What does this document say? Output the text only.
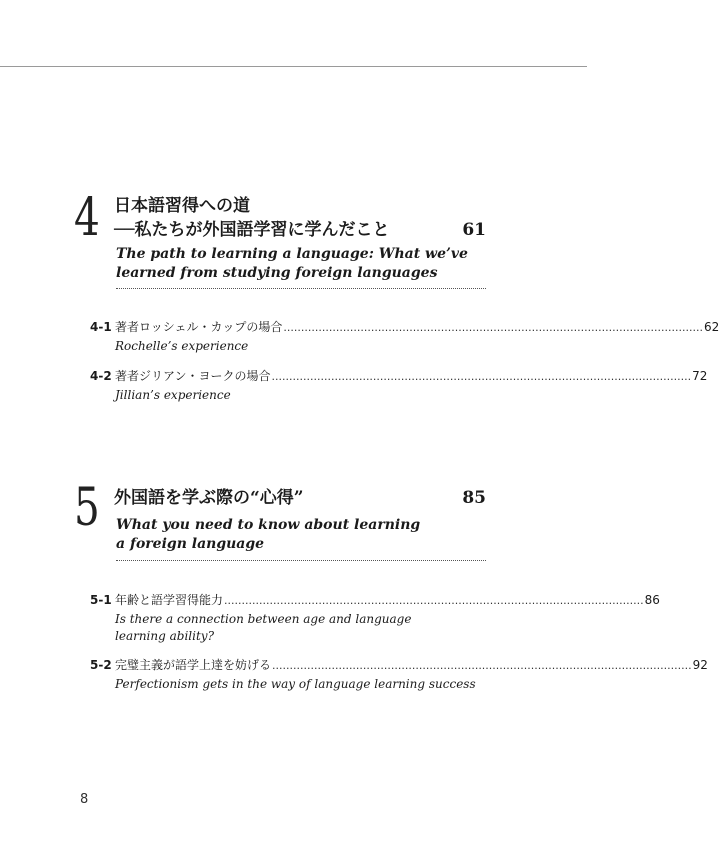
4 日本語習得への道
──私たちが外国語学習に学んだこと	61
The path to learning a language: What we’ve
learned from studying foreign languages
4-1 著者ロッシェル・カップの場合 ........................................................................................................................ 62
Rochelle’s experience
4-2 著者ジリアン・ヨークの場合 ........................................................................................................................ 72
Jillian’s experience
5 外国語を学ぶ際の“心得”	85
What you need to know about learning
a foreign language
5-1 年齢と語学習得能力 ........................................................................................................................ 86
Is there a connection between age and language learning ability?
5-2 完璧主義が語学上達を妨げる ........................................................................................................................ 92
Perfectionism gets in the way of language learning success
8
